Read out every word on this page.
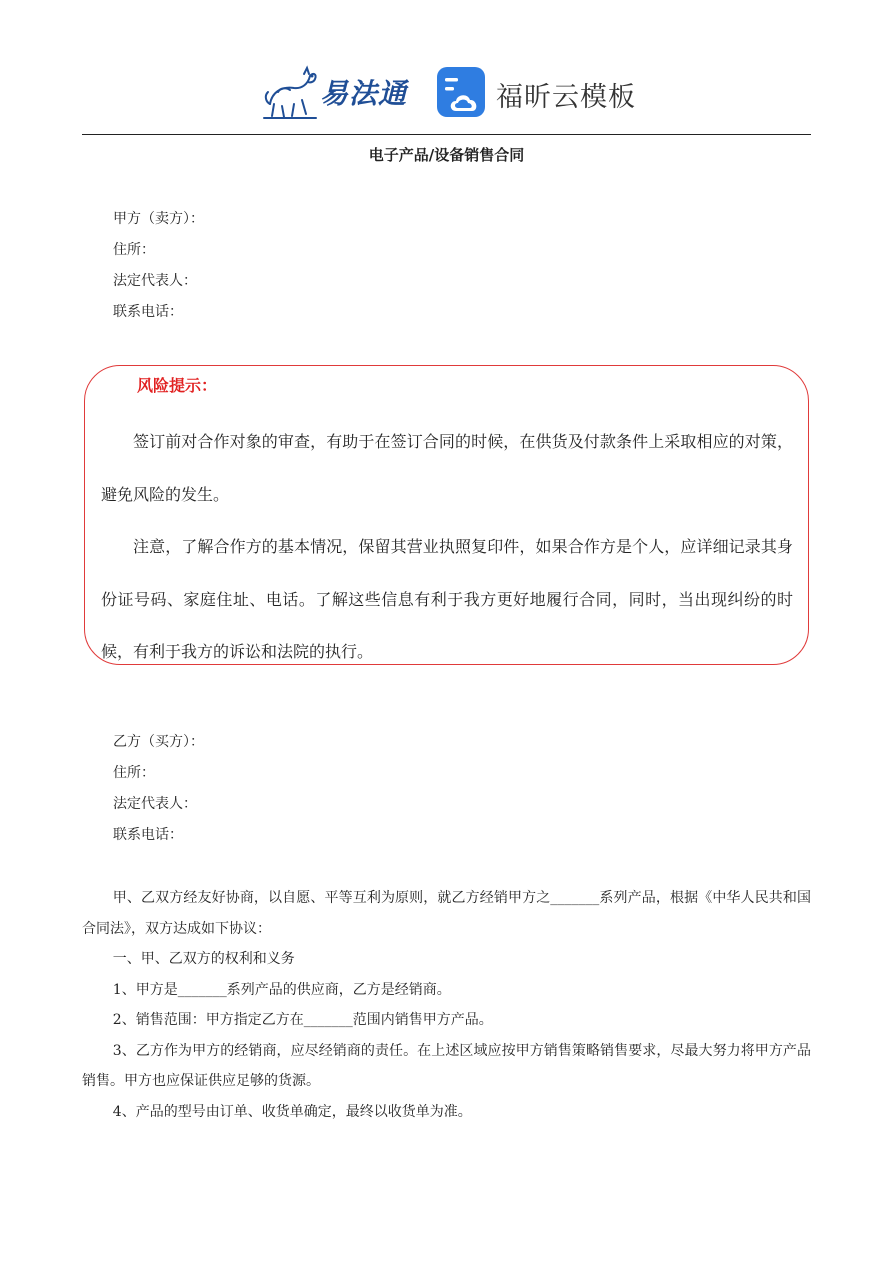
易法通	福昕云模板
电子产品/设备销售合同
甲方（卖方）：
住所：
法定代表人：
联系电话：
风险提示：

签订前对合作对象的审查，有助于在签订合同的时候，在供货及付款条件上采取相应的对策，避免风险的发生。

注意，了解合作方的基本情况，保留其营业执照复印件，如果合作方是个人，应详细记录其身份证号码、家庭住址、电话。了解这些信息有利于我方更好地履行合同，同时，当出现纠纷的时候，有利于我方的诉讼和法院的执行。

乙方（买方）：
住所：
法定代表人：
联系电话：

甲、乙双方经友好协商，以自愿、平等互利为原则，就乙方经销甲方之_______系列产品，根据《中华人民共和国合同法》，双方达成如下协议：

一、甲、乙双方的权利和义务

1、甲方是_______系列产品的供应商，乙方是经销商。

2、销售范围：甲方指定乙方在_______范围内销售甲方产品。

3、乙方作为甲方的经销商，应尽经销商的责任。在上述区域应按甲方销售策略销售要求，尽最大努力将甲方产品销售。甲方也应保证供应足够的货源。

4、产品的型号由订单、收货单确定，最终以收货单为准。
